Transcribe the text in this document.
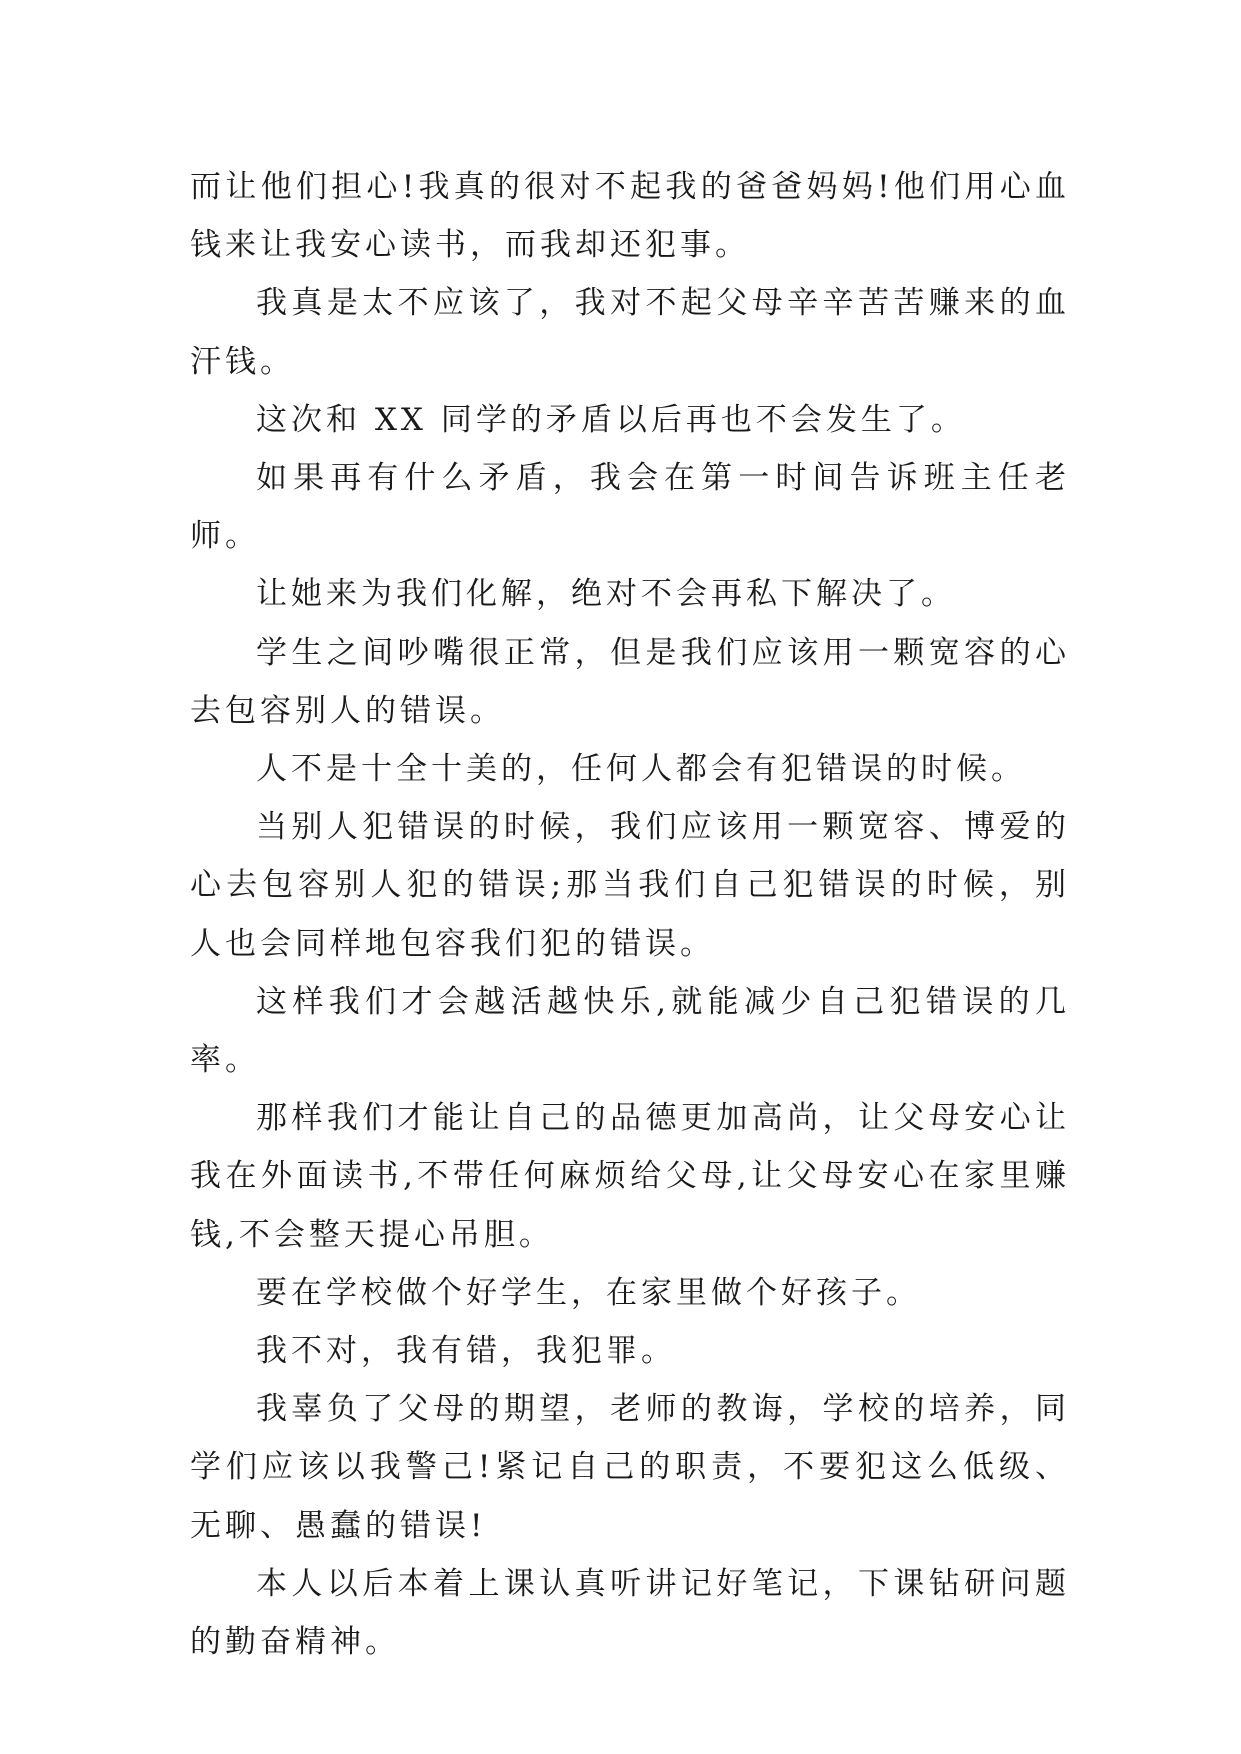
而让他们担心!我真的很对不起我的爸爸妈妈!他们用心血钱来让我安心读书，而我却还犯事。

我真是太不应该了，我对不起父母辛辛苦苦赚来的血汗钱。

这次和 XX 同学的矛盾以后再也不会发生了。

如果再有什么矛盾，我会在第一时间告诉班主任老师。

让她来为我们化解，绝对不会再私下解决了。

学生之间吵嘴很正常，但是我们应该用一颗宽容的心去包容别人的错误。

人不是十全十美的，任何人都会有犯错误的时候。

当别人犯错误的时候，我们应该用一颗宽容、博爱的心去包容别人犯的错误;那当我们自己犯错误的时候，别人也会同样地包容我们犯的错误。

这样我们才会越活越快乐,就能减少自己犯错误的几率。

那样我们才能让自己的品德更加高尚，让父母安心让我在外面读书,不带任何麻烦给父母,让父母安心在家里赚钱,不会整天提心吊胆。

要在学校做个好学生，在家里做个好孩子。

我不对，我有错，我犯罪。

我辜负了父母的期望，老师的教诲，学校的培养，同学们应该以我警己!紧记自己的职责，不要犯这么低级、无聊、愚蠢的错误!

本人以后本着上课认真听讲记好笔记，下课钻研问题的勤奋精神。
